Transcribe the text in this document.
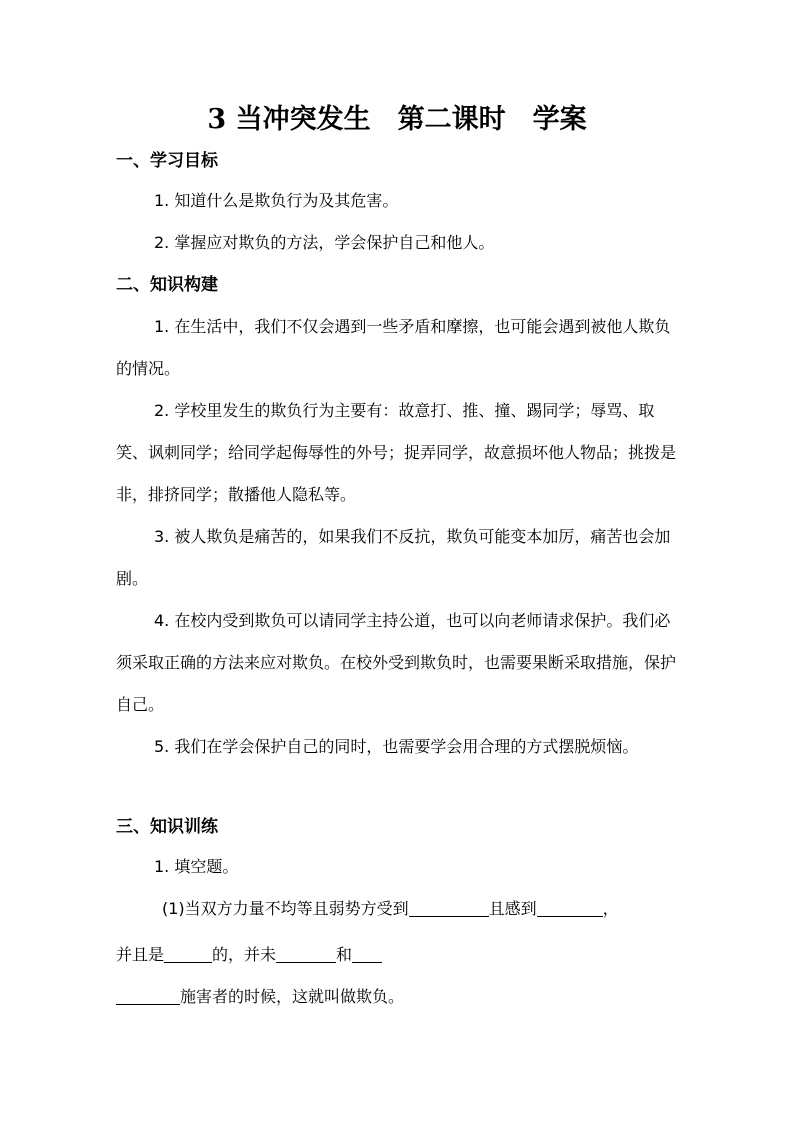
3 当冲突发生　第二课时　学案
一、学习目标
1. 知道什么是欺负行为及其危害。
2. 掌握应对欺负的方法，学会保护自己和他人。
二、知识构建
1. 在生活中，我们不仅会遇到一些矛盾和摩擦，也可能会遇到被他人欺负的情况。
2. 学校里发生的欺负行为主要有：故意打、推、撞、踢同学；辱骂、取笑、讽刺同学；给同学起侮辱性的外号；捉弄同学，故意损坏他人物品；挑拨是非，排挤同学；散播他人隐私等。
3. 被人欺负是痛苦的，如果我们不反抗，欺负可能变本加厉，痛苦也会加剧。
4. 在校内受到欺负可以请同学主持公道，也可以向老师请求保护。我们必须采取正确的方法来应对欺负。在校外受到欺负时，也需要果断采取措施，保护自己。
5. 我们在学会保护自己的同时，也需要学会用合理的方式摆脱烦恼。
三、知识训练
1. 填空题。
(1)当双方力量不均等且弱势方受到	且感到	，
并且是	的，并未	和
施害者的时候，这就叫做欺负。
